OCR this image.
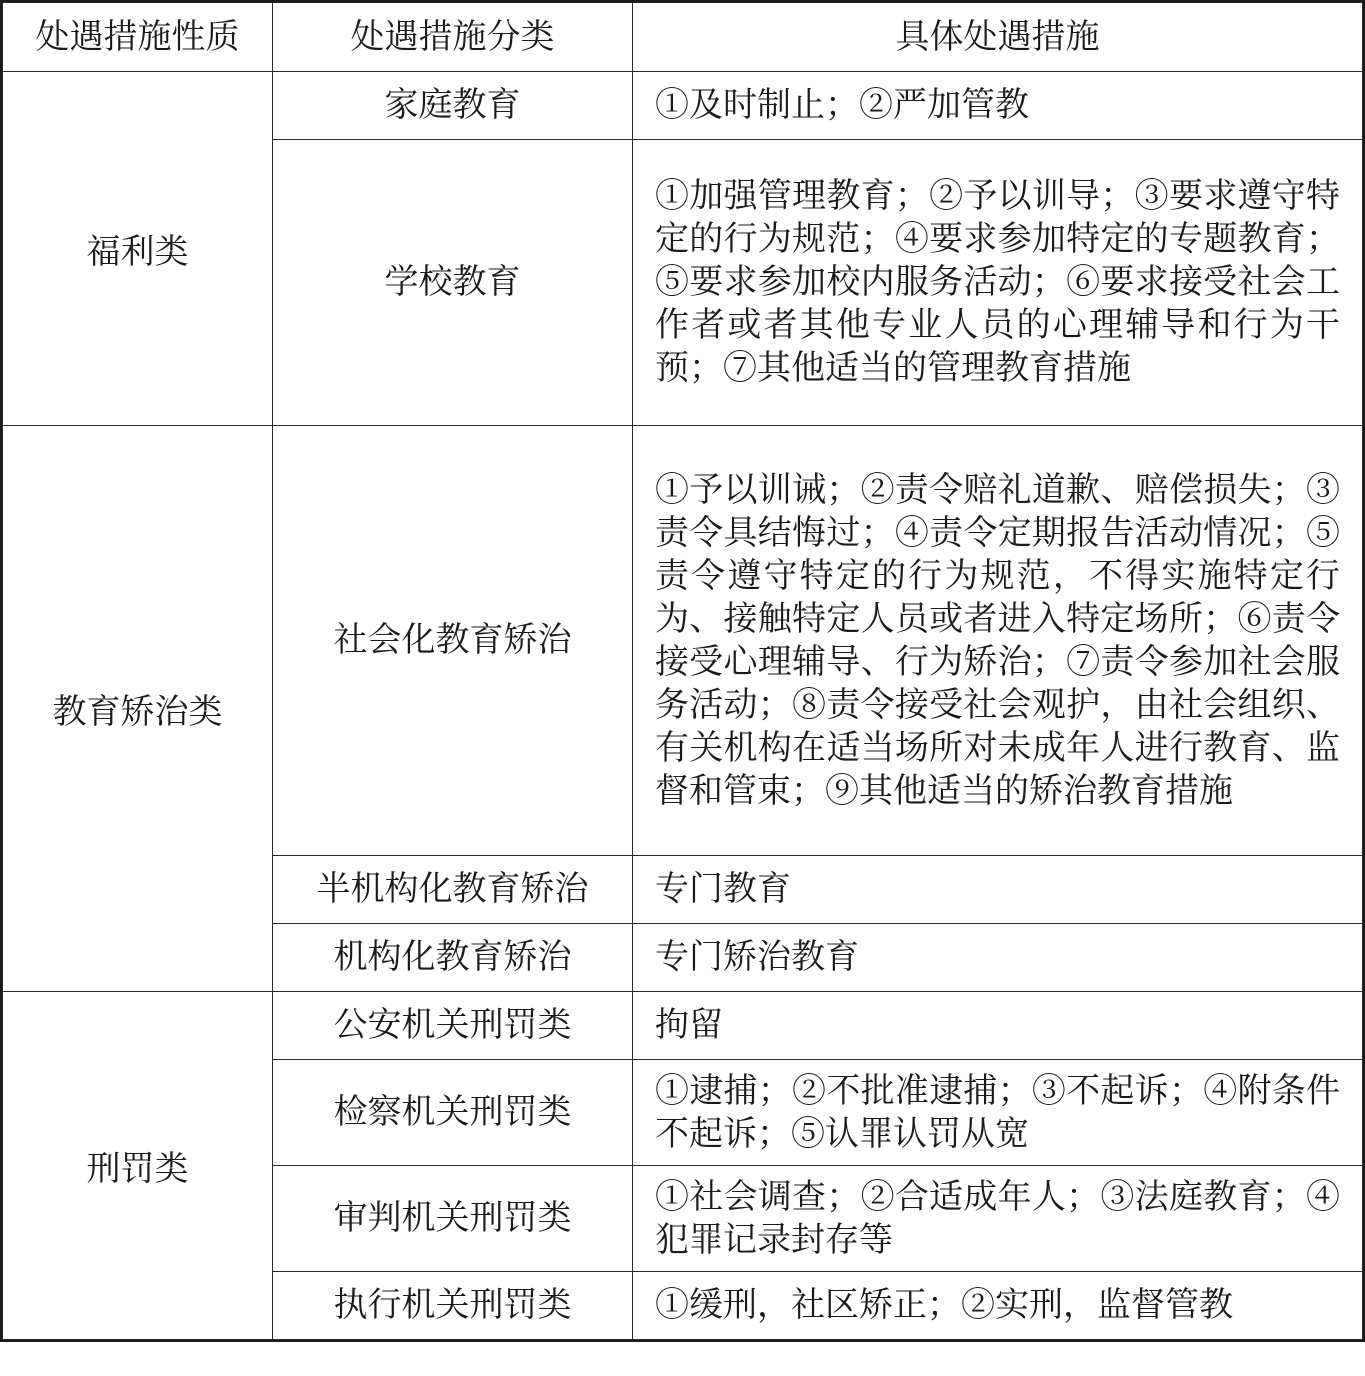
处遇措施性质	处遇措施分类	具体处遇措施
福利类	家庭教育	①及时制止；②严加管教
	学校教育	①加强管理教育；②予以训导；③要求遵守特定的行为规范；④要求参加特定的专题教育；⑤要求参加校内服务活动；⑥要求接受社会工作者或者其他专业人员的心理辅导和行为干预；⑦其他适当的管理教育措施
教育矫治类	社会化教育矫治	①予以训诫；②责令赔礼道歉、赔偿损失；③责令具结悔过；④责令定期报告活动情况；⑤责令遵守特定的行为规范，不得实施特定行为、接触特定人员或者进入特定场所；⑥责令接受心理辅导、行为矫治；⑦责令参加社会服务活动；⑧责令接受社会观护，由社会组织、有关机构在适当场所对未成年人进行教育、监督和管束；⑨其他适当的矫治教育措施
	半机构化教育矫治	专门教育
	机构化教育矫治	专门矫治教育
刑罚类	公安机关刑罚类	拘留
	检察机关刑罚类	①逮捕；②不批准逮捕；③不起诉；④附条件不起诉；⑤认罪认罚从宽
	审判机关刑罚类	①社会调查；②合适成年人；③法庭教育；④犯罪记录封存等
	执行机关刑罚类	①缓刑，社区矫正；②实刑，监督管教
